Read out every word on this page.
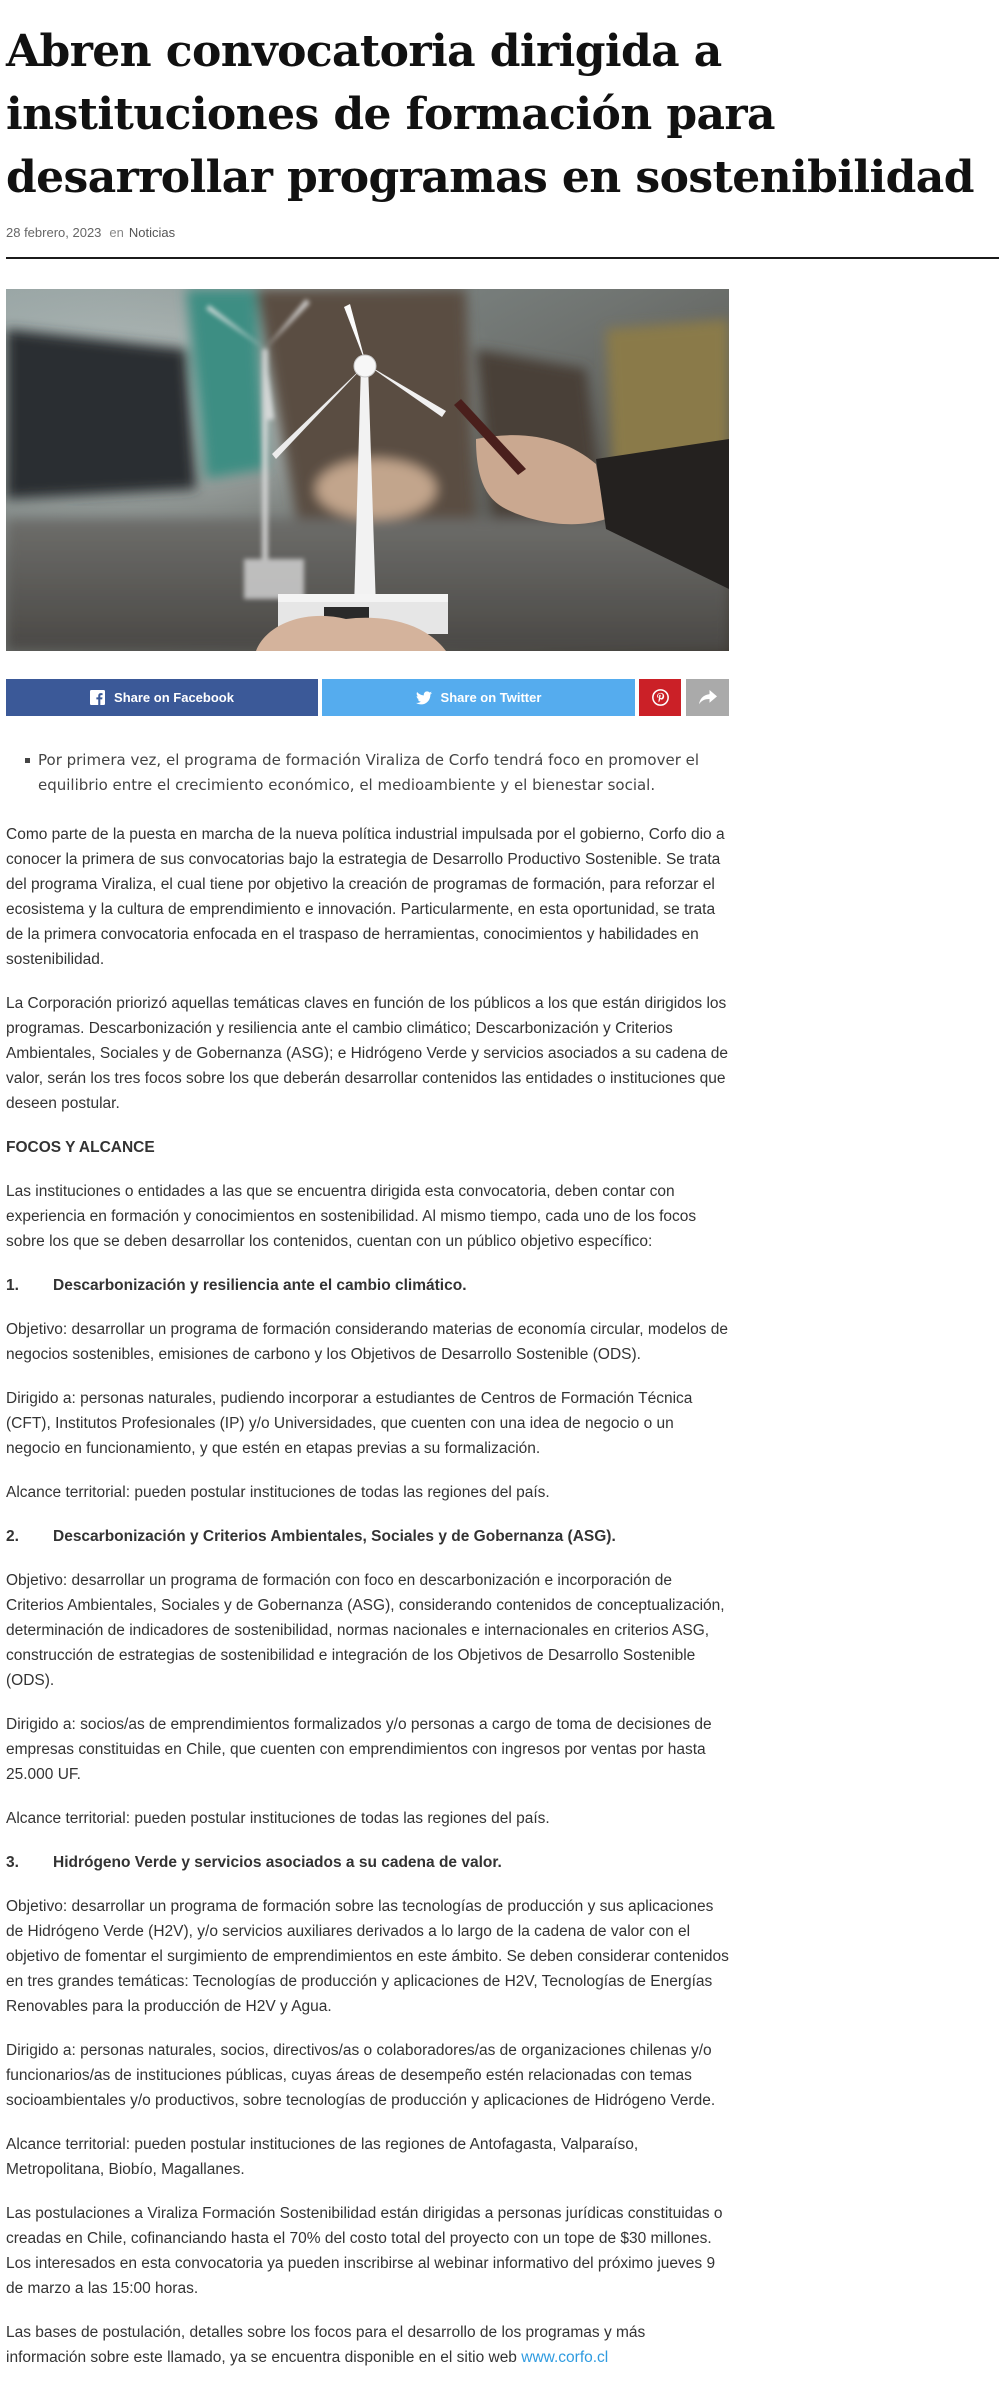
Abren convocatoria dirigida a instituciones de formación para desarrollar programas en sostenibilidad
28 febrero, 2023 en Noticias
Share on Facebook	Share on Twitter
Por primera vez, el programa de formación Viraliza de Corfo tendrá foco en promover el equilibrio entre el crecimiento económico, el medioambiente y el bienestar social.

Como parte de la puesta en marcha de la nueva política industrial impulsada por el gobierno, Corfo dio a conocer la primera de sus convocatorias bajo la estrategia de Desarrollo Productivo Sostenible. Se trata del programa Viraliza, el cual tiene por objetivo la creación de programas de formación, para reforzar el ecosistema y la cultura de emprendimiento e innovación. Particularmente, en esta oportunidad, se trata de la primera convocatoria enfocada en el traspaso de herramientas, conocimientos y habilidades en sostenibilidad.

La Corporación priorizó aquellas temáticas claves en función de los públicos a los que están dirigidos los programas. Descarbonización y resiliencia ante el cambio climático; Descarbonización y Criterios Ambientales, Sociales y de Gobernanza (ASG); e Hidrógeno Verde y servicios asociados a su cadena de valor, serán los tres focos sobre los que deberán desarrollar contenidos las entidades o instituciones que deseen postular.

FOCOS Y ALCANCE

Las instituciones o entidades a las que se encuentra dirigida esta convocatoria, deben contar con experiencia en formación y conocimientos en sostenibilidad. Al mismo tiempo, cada uno de los focos sobre los que se deben desarrollar los contenidos, cuentan con un público objetivo específico:

1. Descarbonización y resiliencia ante el cambio climático.

Objetivo: desarrollar un programa de formación considerando materias de economía circular, modelos de negocios sostenibles, emisiones de carbono y los Objetivos de Desarrollo Sostenible (ODS).

Dirigido a: personas naturales, pudiendo incorporar a estudiantes de Centros de Formación Técnica (CFT), Institutos Profesionales (IP) y/o Universidades, que cuenten con una idea de negocio o un negocio en funcionamiento, y que estén en etapas previas a su formalización.

Alcance territorial: pueden postular instituciones de todas las regiones del país.

2. Descarbonización y Criterios Ambientales, Sociales y de Gobernanza (ASG).

Objetivo: desarrollar un programa de formación con foco en descarbonización e incorporación de Criterios Ambientales, Sociales y de Gobernanza (ASG), considerando contenidos de conceptualización, determinación de indicadores de sostenibilidad, normas nacionales e internacionales en criterios ASG, construcción de estrategias de sostenibilidad e integración de los Objetivos de Desarrollo Sostenible (ODS).

Dirigido a: socios/as de emprendimientos formalizados y/o personas a cargo de toma de decisiones de empresas constituidas en Chile, que cuenten con emprendimientos con ingresos por ventas por hasta 25.000 UF.

Alcance territorial: pueden postular instituciones de todas las regiones del país.

3. Hidrógeno Verde y servicios asociados a su cadena de valor.

Objetivo: desarrollar un programa de formación sobre las tecnologías de producción y sus aplicaciones de Hidrógeno Verde (H2V), y/o servicios auxiliares derivados a lo largo de la cadena de valor con el objetivo de fomentar el surgimiento de emprendimientos en este ámbito. Se deben considerar contenidos en tres grandes temáticas: Tecnologías de producción y aplicaciones de H2V, Tecnologías de Energías Renovables para la producción de H2V y Agua.

Dirigido a: personas naturales, socios, directivos/as o colaboradores/as de organizaciones chilenas y/o funcionarios/as de instituciones públicas, cuyas áreas de desempeño estén relacionadas con temas socioambientales y/o productivos, sobre tecnologías de producción y aplicaciones de Hidrógeno Verde.

Alcance territorial: pueden postular instituciones de las regiones de Antofagasta, Valparaíso, Metropolitana, Biobío, Magallanes.

Las postulaciones a Viraliza Formación Sostenibilidad están dirigidas a personas jurídicas constituidas o creadas en Chile, cofinanciando hasta el 70% del costo total del proyecto con un tope de $30 millones. Los interesados en esta convocatoria ya pueden inscribirse al webinar informativo del próximo jueves 9 de marzo a las 15:00 horas.

Las bases de postulación, detalles sobre los focos para el desarrollo de los programas y más información sobre este llamado, ya se encuentra disponible en el sitio web www.corfo.cl
